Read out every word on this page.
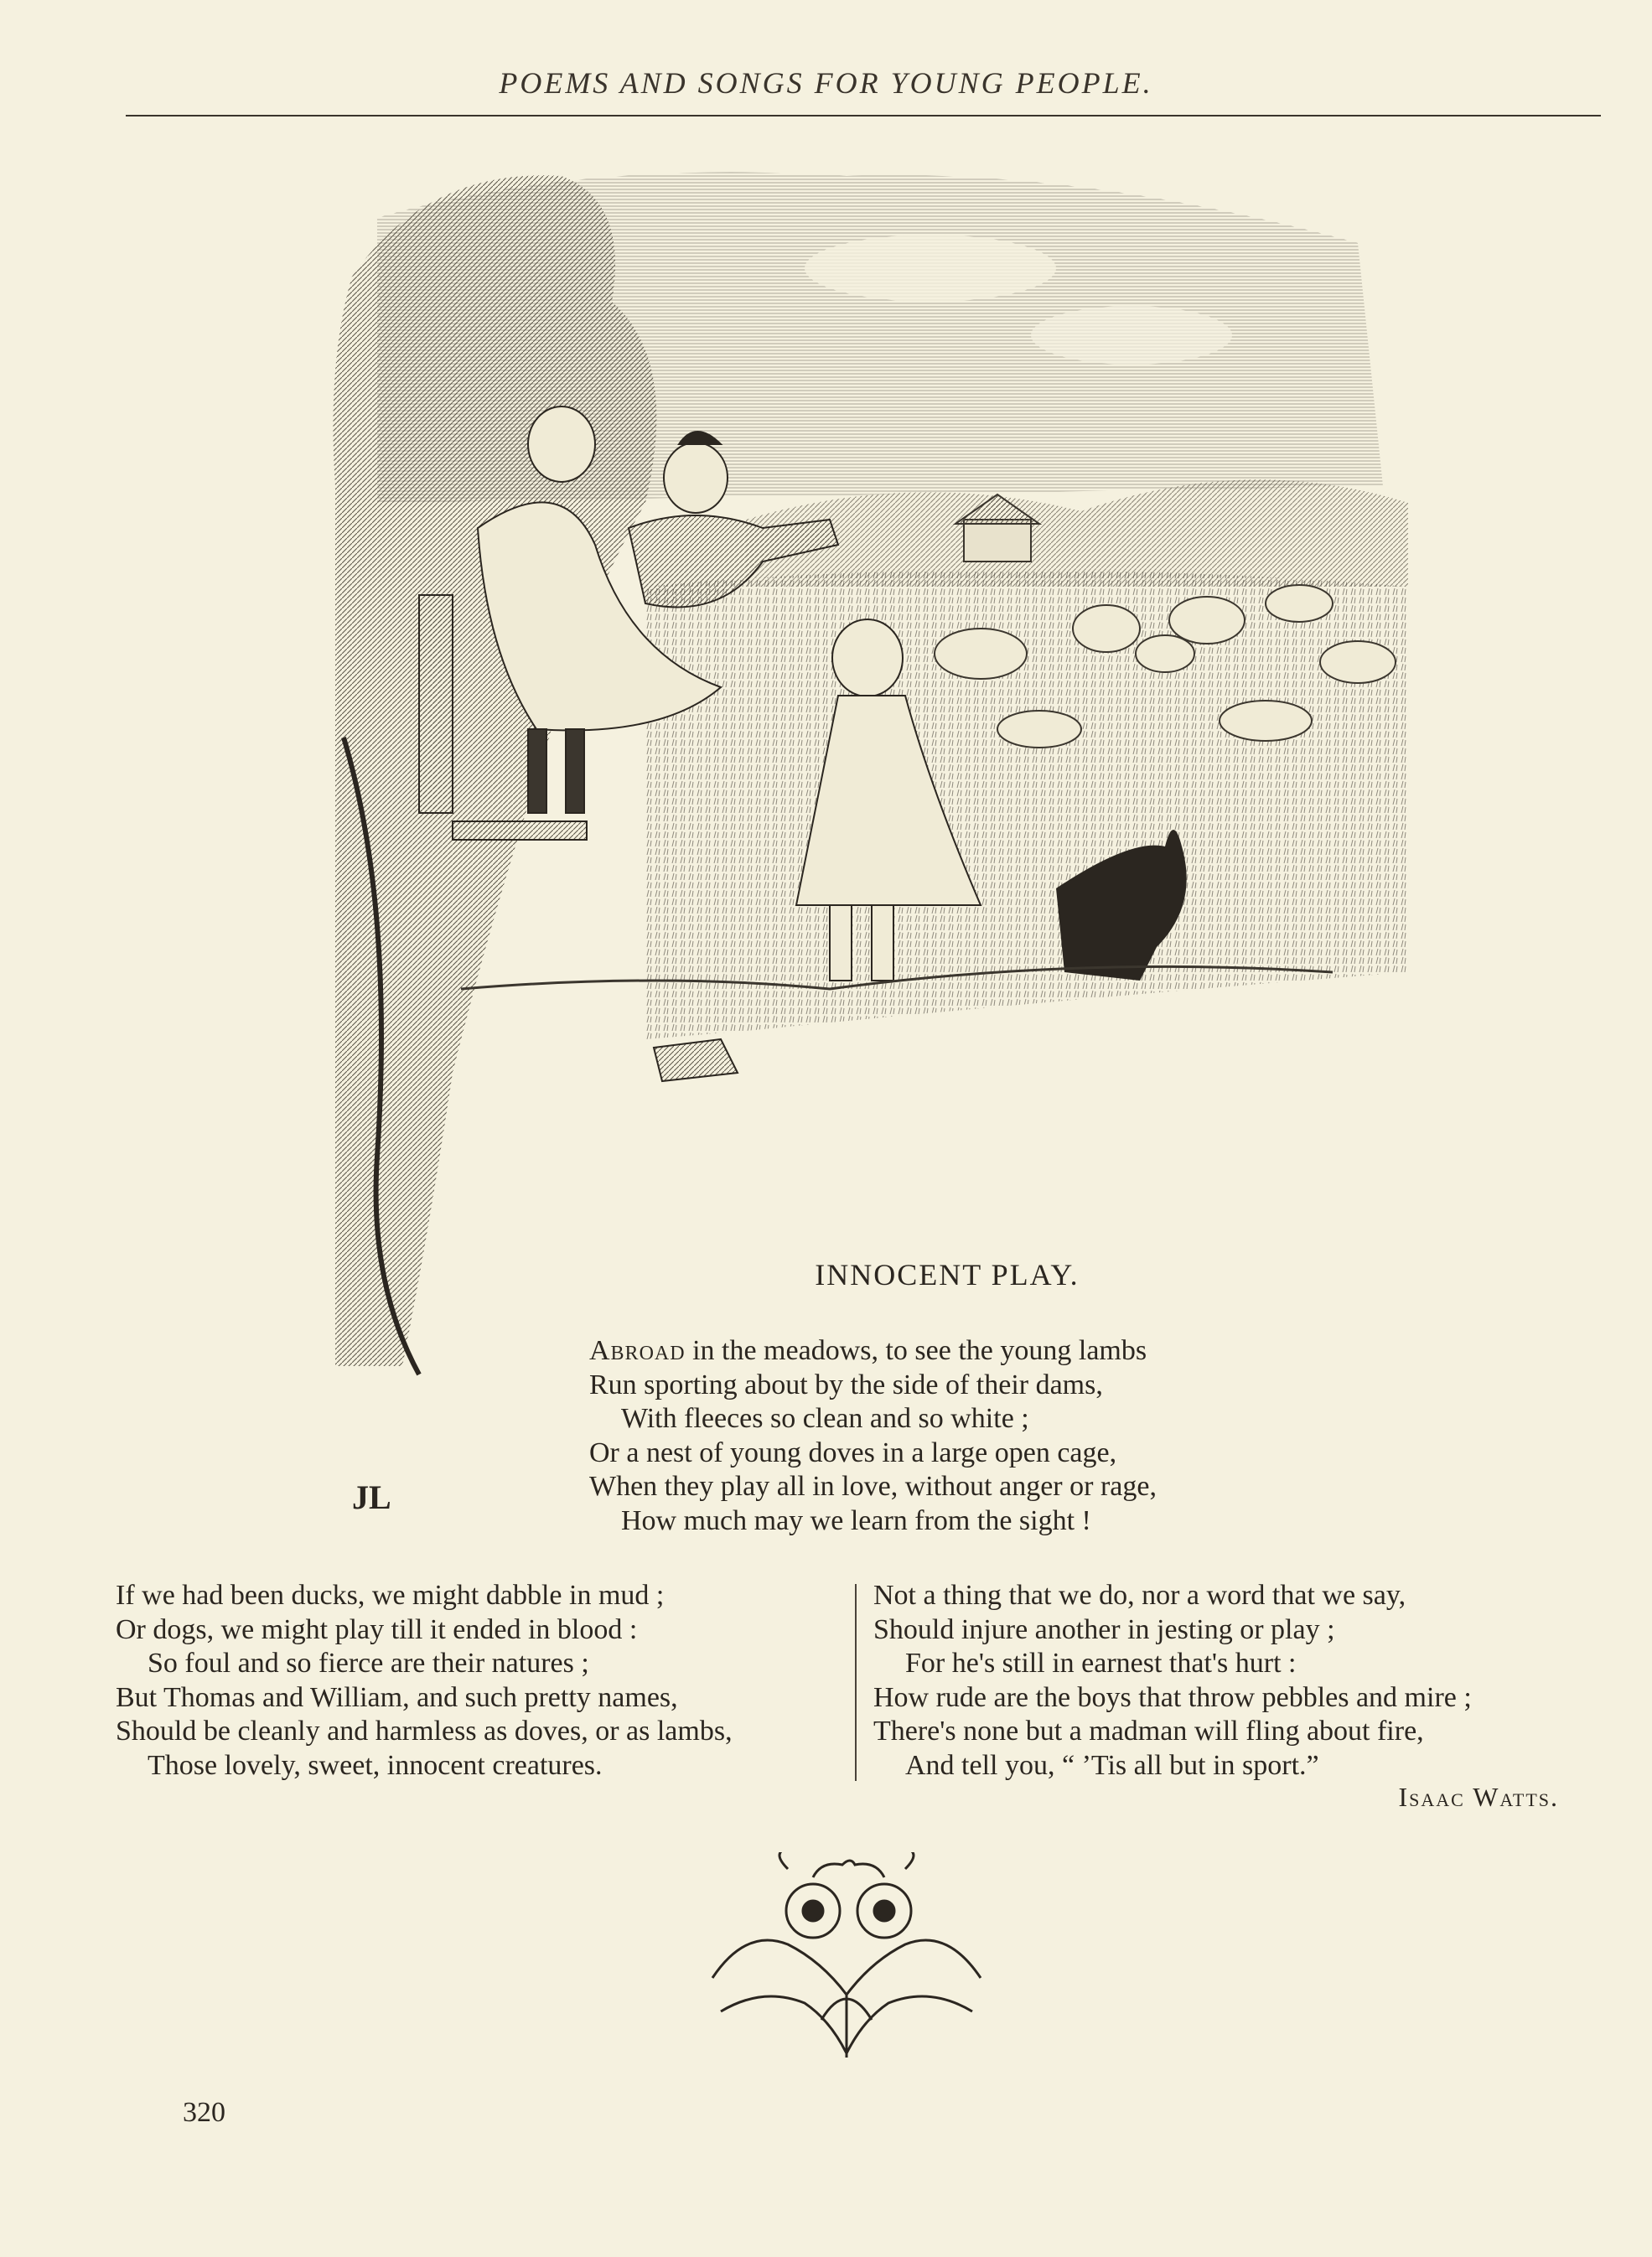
POEMS AND SONGS FOR YOUNG PEOPLE.
JL
INNOCENT PLAY.
Abroad in the meadows, to see the young lambs
Run sporting about by the side of their dams,
With fleeces so clean and so white ;
Or a nest of young doves in a large open cage,
When they play all in love, without anger or rage,
How much may we learn from the sight !
If we had been ducks, we might dabble in mud ;
Or dogs, we might play till it ended in blood :
So foul and so fierce are their natures ;
But Thomas and William, and such pretty names,
Should be cleanly and harmless as doves, or as lambs,
Those lovely, sweet, innocent creatures.
Not a thing that we do, nor a word that we say,
Should injure another in jesting or play ;
For he's still in earnest that's hurt :
How rude are the boys that throw pebbles and mire ;
There's none but a madman will fling about fire,
And tell you, “ ’Tis all but in sport.”
Isaac Watts.
320
